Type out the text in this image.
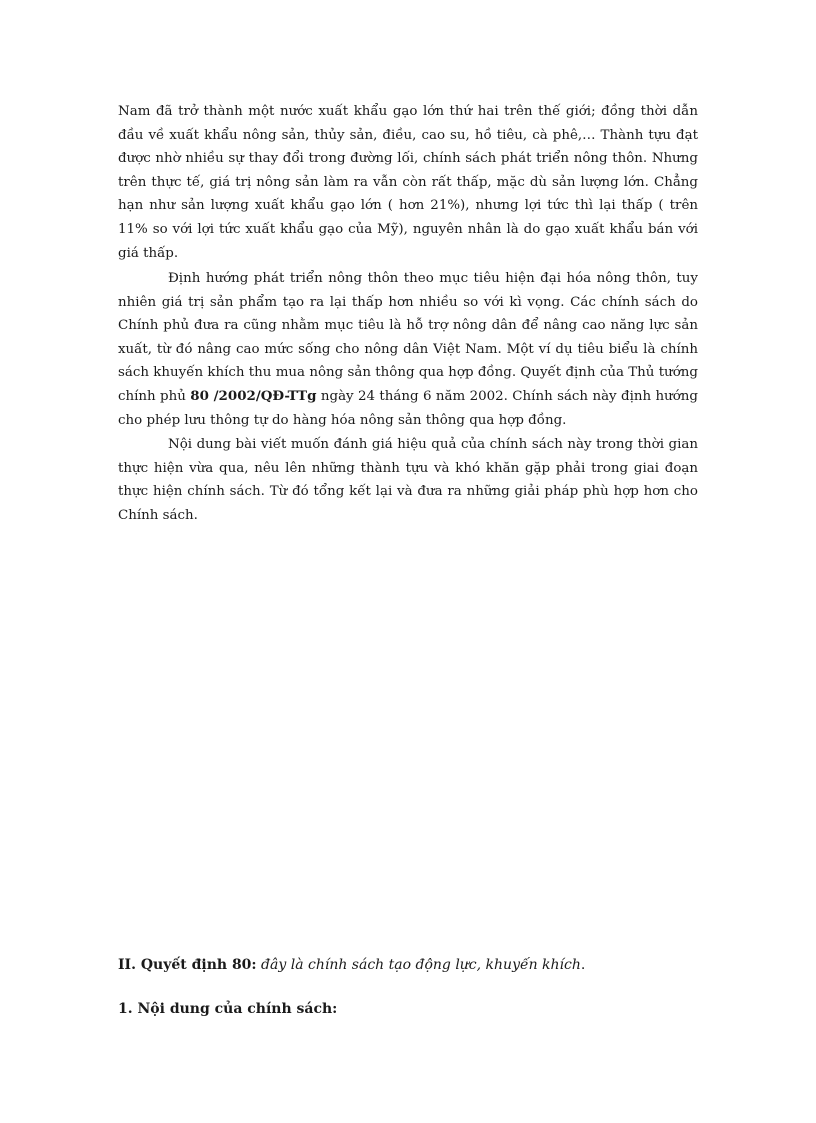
Nam đã trở thành một nước xuất khẩu gạo lớn thứ hai trên thế giới; đồng thời dẫn đầu về xuất khẩu nông sản, thủy sản, điều, cao su, hồ tiêu, cà phê,… Thành tựu đạt được nhờ nhiều sự thay đổi trong đường lối, chính sách phát triển nông thôn. Nhưng trên thực tế, giá trị nông sản làm ra vẫn còn rất thấp, mặc dù sản lượng lớn. Chẳng hạn như sản lượng xuất khẩu gạo lớn ( hơn 21%), nhưng lợi tức thì lại thấp ( trên 11% so với lợi tức xuất khẩu gạo của Mỹ), nguyên nhân là do gạo xuất khẩu bán với giá thấp.

Định hướng phát triển nông thôn theo mục tiêu hiện đại hóa nông thôn, tuy nhiên giá trị sản phẩm tạo ra lại thấp hơn nhiều so với kì vọng. Các chính sách do Chính phủ đưa ra cũng nhằm mục tiêu là hỗ trợ nông dân để nâng cao năng lực sản xuất, từ đó nâng cao mức sống cho nông dân Việt Nam. Một ví dụ tiêu biểu là chính sách khuyến khích thu mua nông sản thông qua hợp đồng. Quyết định của Thủ tướng chính phủ 80 /2002/QĐ-TTg ngày 24 tháng 6 năm 2002. Chính sách này định hướng cho phép lưu thông tự do hàng hóa nông sản thông qua hợp đồng.

Nội dung bài viết muốn đánh giá hiệu quả của chính sách này trong thời gian thực hiện vừa qua, nêu lên những thành tựu và khó khăn gặp phải trong giai đoạn thực hiện chính sách. Từ đó tổng kết lại và đưa ra những giải pháp phù hợp hơn cho Chính sách.

II. Quyết định 80: đây là chính sách tạo động lực, khuyến khích.

1. Nội dung của chính sách:
